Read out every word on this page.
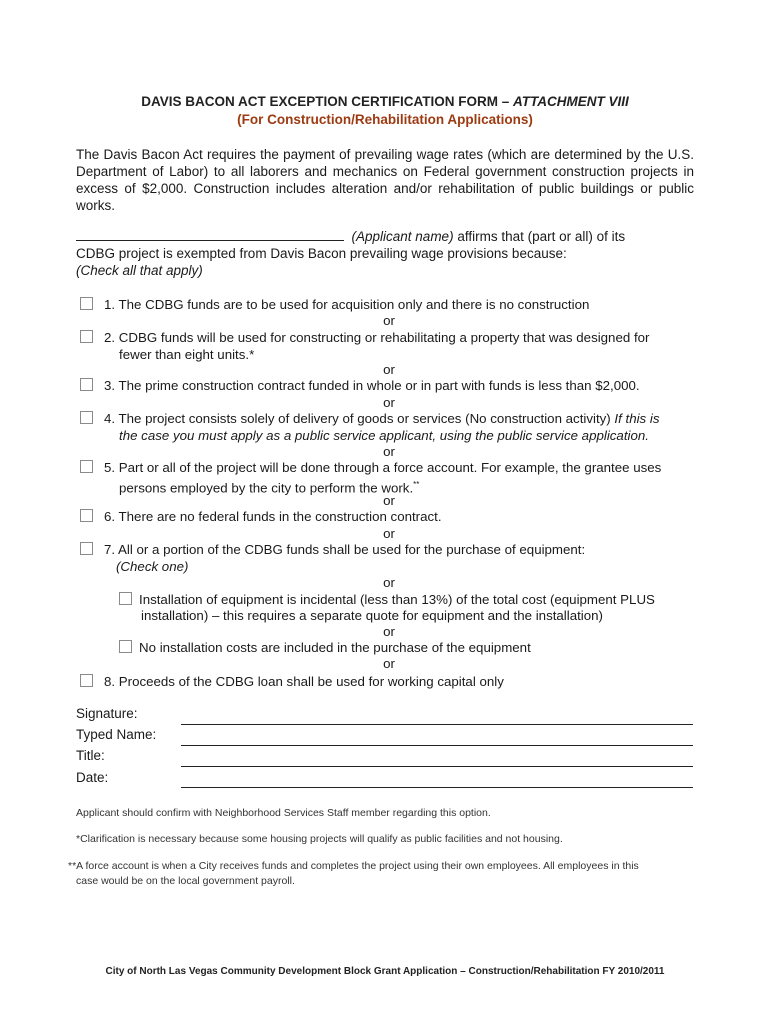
DAVIS BACON ACT EXCEPTION CERTIFICATION FORM – ATTACHMENT VIII
(For Construction/Rehabilitation Applications)
The Davis Bacon Act requires the payment of prevailing wage rates (which are determined by the U.S. Department of Labor) to all laborers and mechanics on Federal government construction projects in excess of $2,000. Construction includes alteration and/or rehabilitation of public buildings or public works.
(Applicant name) affirms that (part or all) of its
CDBG project is exempted from Davis Bacon prevailing wage provisions because:
(Check all that apply)
1. The CDBG funds are to be used for acquisition only and there is no construction
or
2. CDBG funds will be used for constructing or rehabilitating a property that was designed for
fewer than eight units.*
or
3. The prime construction contract funded in whole or in part with funds is less than $2,000.
or
4. The project consists solely of delivery of goods or services (No construction activity) If this is
the case you must apply as a public service applicant, using the public service application.
or
5. Part or all of the project will be done through a force account. For example, the grantee uses
persons employed by the city to perform the work.**
or
6. There are no federal funds in the construction contract.
or
7. All or a portion of the CDBG funds shall be used for the purchase of equipment:
(Check one)
or
Installation of equipment is incidental (less than 13%) of the total cost (equipment PLUS
installation) – this requires a separate quote for equipment and the installation)
or
No installation costs are included in the purchase of the equipment
or
8. Proceeds of the CDBG loan shall be used for working capital only
Signature:
Typed Name:
Title:
Date:
Applicant should confirm with Neighborhood Services Staff member regarding this option.
*Clarification is necessary because some housing projects will qualify as public facilities and not housing.
**A force account is when a City receives funds and completes the project using their own employees. All employees in this
case would be on the local government payroll.
City of North Las Vegas Community Development Block Grant Application – Construction/Rehabilitation FY 2010/2011
